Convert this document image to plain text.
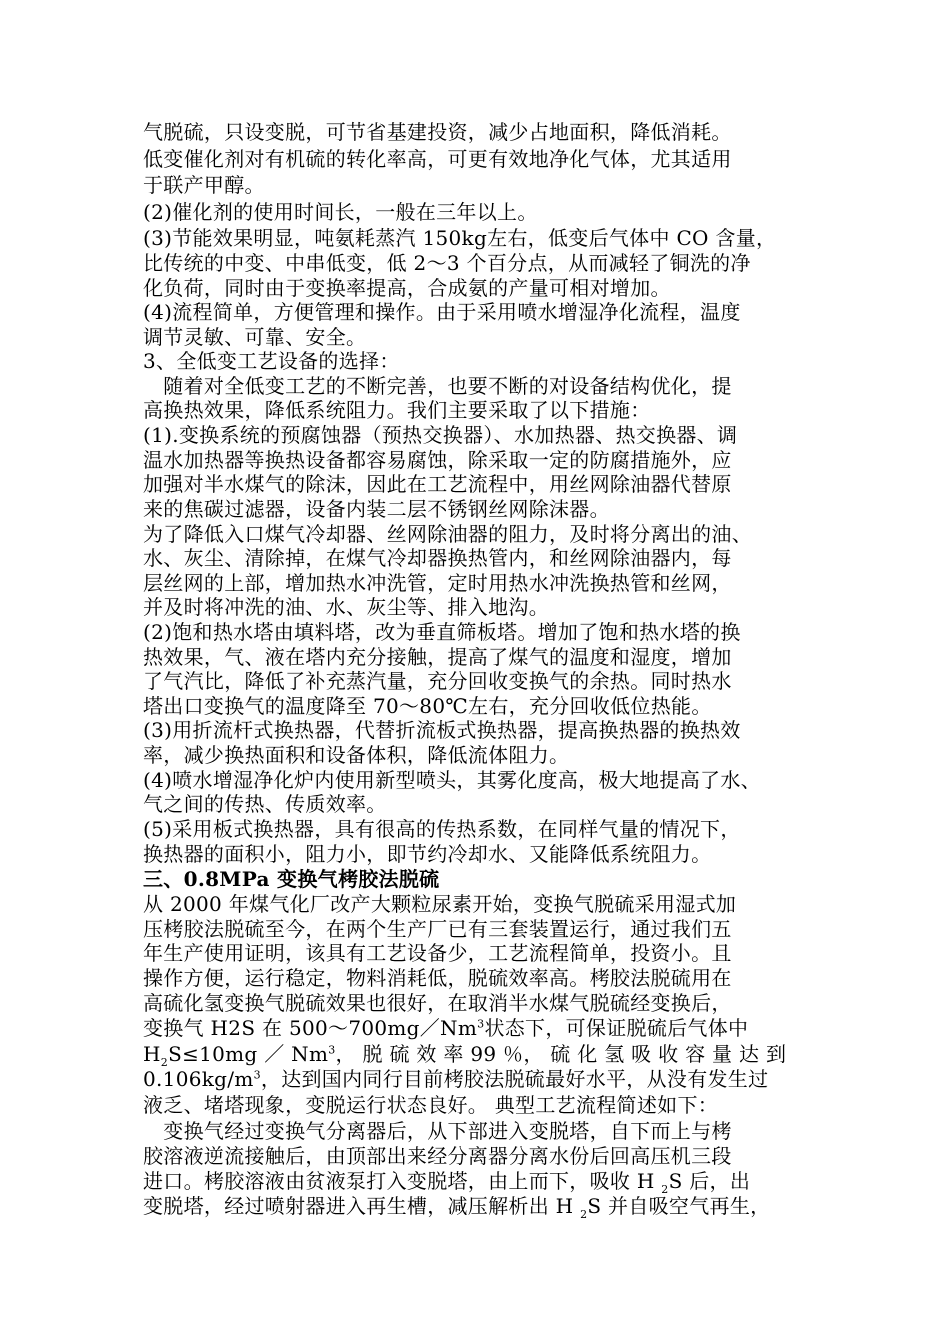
气脱硫，只设变脱，可节省基建投资，减少占地面积，降低消耗。
低变催化剂对有机硫的转化率高，可更有效地净化气体，尤其适用
于联产甲醇。
(2)催化剂的使用时间长，一般在三年以上。
(3)节能效果明显，吨氨耗蒸汽 150kg左右，低变后气体中 CO 含量，
比传统的中变、中串低变，低 2～3 个百分点，从而减轻了铜洗的净
化负荷，同时由于变换率提高，合成氨的产量可相对增加。
(4)流程简单，方便管理和操作。由于采用喷水增湿净化流程，温度
调节灵敏、可靠、安全。
3、全低变工艺设备的选择：
　随着对全低变工艺的不断完善，也要不断的对设备结构优化，提
高换热效果，降低系统阻力。我们主要采取了以下措施：
(1).变换系统的预腐蚀器（预热交换器）、水加热器、热交换器、调
温水加热器等换热设备都容易腐蚀，除采取一定的防腐措施外，应
加强对半水煤气的除沫，因此在工艺流程中，用丝网除油器代替原
来的焦碳过滤器，设备内装二层不锈钢丝网除沫器。
为了降低入口煤气冷却器、丝网除油器的阻力，及时将分离出的油、
水、灰尘、清除掉，在煤气冷却器换热管内，和丝网除油器内，每
层丝网的上部，增加热水冲洗管，定时用热水冲洗换热管和丝网，
并及时将冲洗的油、水、灰尘等、排入地沟。
(2)饱和热水塔由填料塔，改为垂直筛板塔。增加了饱和热水塔的换
热效果，气、液在塔内充分接触，提高了煤气的温度和湿度，增加
了气汽比，降低了补充蒸汽量，充分回收变换气的余热。同时热水
塔出口变换气的温度降至 70～80℃左右，充分回收低位热能。
(3)用折流杆式换热器，代替折流板式换热器，提高换热器的换热效
率，减少换热面积和设备体积，降低流体阻力。
(4)喷水增湿净化炉内使用新型喷头，其雾化度高，极大地提高了水、
气之间的传热、传质效率。
(5)采用板式换热器，具有很高的传热系数，在同样气量的情况下，
换热器的面积小，阻力小，即节约冷却水、又能降低系统阻力。
三、0.8MPa 变换气栲胶法脱硫
从 2000 年煤气化厂改产大颗粒尿素开始，变换气脱硫采用湿式加
压栲胶法脱硫至今，在两个生产厂已有三套装置运行，通过我们五
年生产使用证明，该具有工艺设备少，工艺流程简单，投资小。且
操作方便，运行稳定，物料消耗低，脱硫效率高。栲胶法脱硫用在
高硫化氢变换气脱硫效果也很好，在取消半水煤气脱硫经变换后，
变换气 H2S 在 500～700mg／Nm$^3$状态下，可保证脱硫后气体中
$H_2S\le 10mg$ ／ Nm$^3$， 脱 硫 效 率 99 ％， 硫 化 氢 吸 收 容 量 达 到
$0.106kg/m^3$，达到国内同行目前栲胶法脱硫最好水平，从没有发生过
液乏、堵塔现象，变脱运行状态良好。 典型工艺流程简述如下：
　变换气经过变换气分离器后，从下部进入变脱塔，自下而上与栲
胶溶液逆流接触后，由顶部出来经分离器分离水份后回高压机三段
进口。栲胶溶液由贫液泵打入变脱塔，由上而下，吸收 H $_2$S 后，出
变脱塔，经过喷射器进入再生槽，减压解析出 H $_2$S 并自吸空气再生，
